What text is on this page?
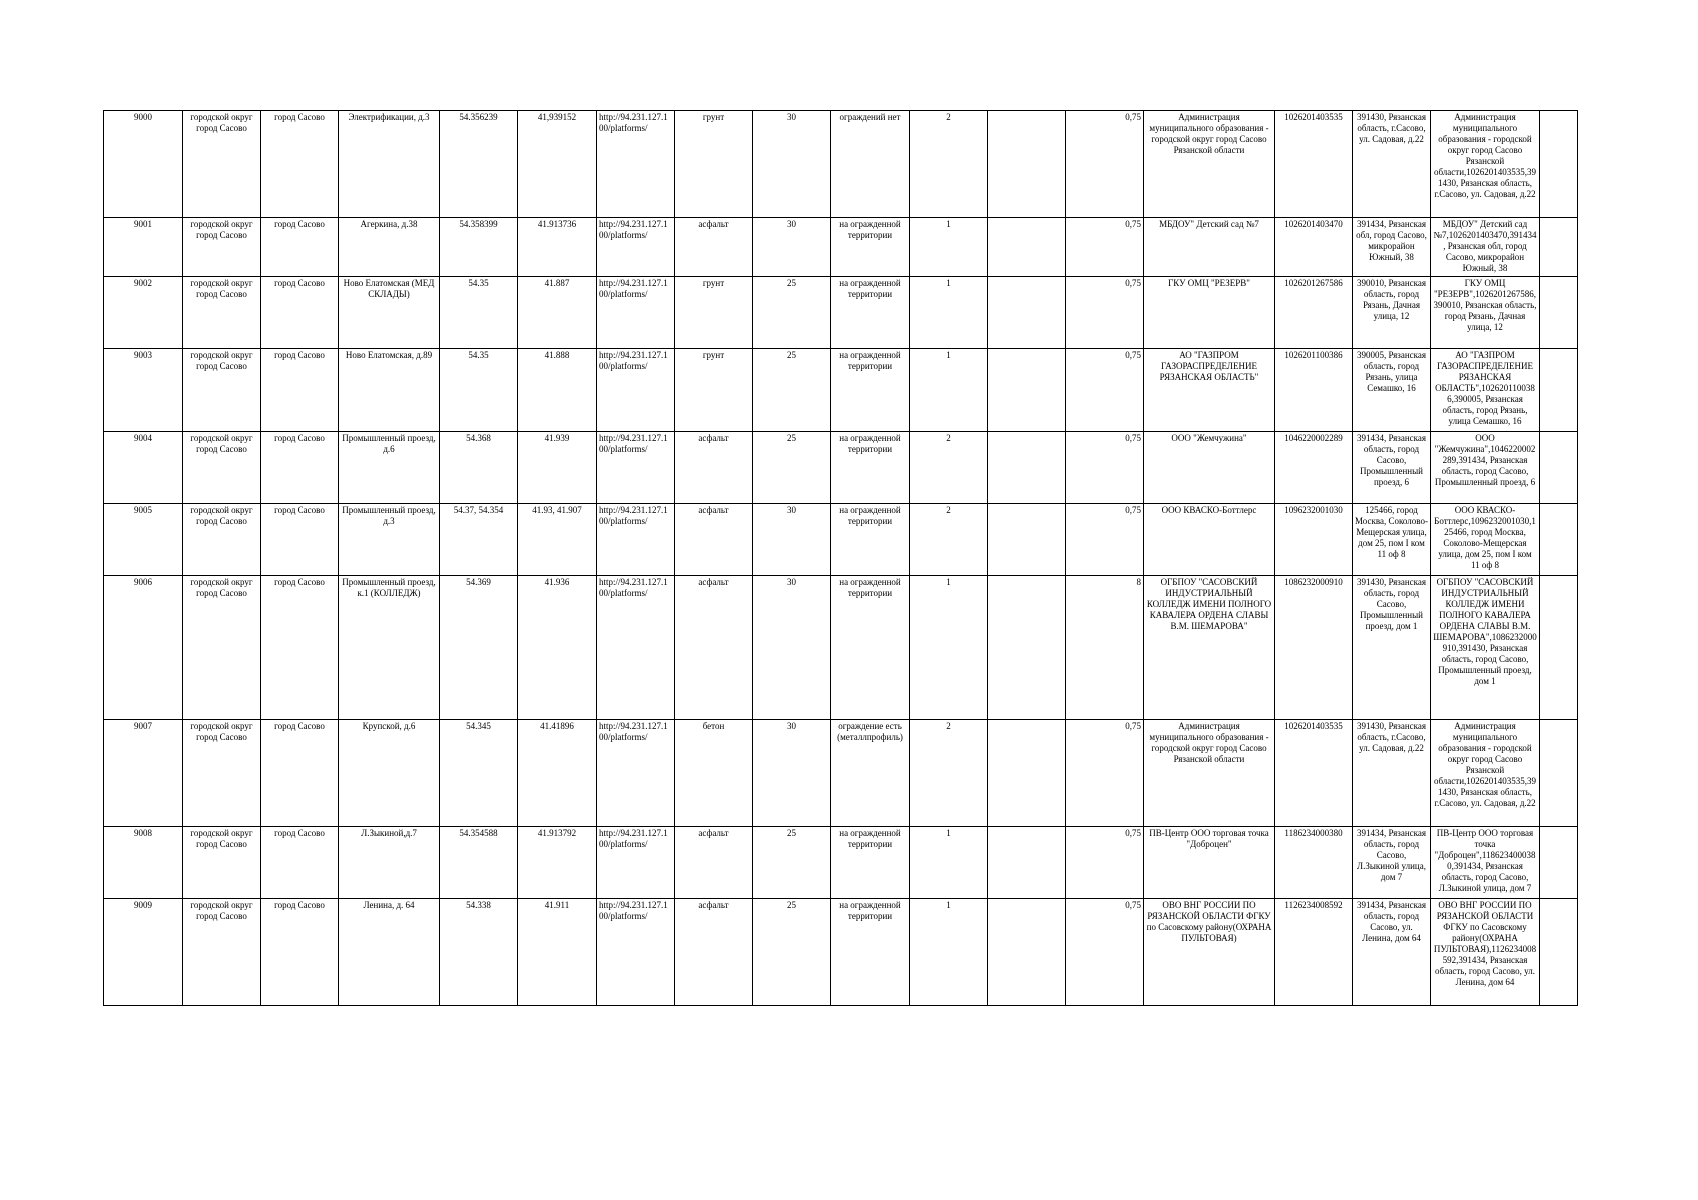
9000	городской округ город Сасово	город Сасово	Электрификации, д.3	54.356239	41,939152	http://94.231.127.100/platforms/	грунт	30	ограждений нет	2		0,75	Администрация муниципального образования - городской округ город Сасово Рязанской области	1026201403535	391430, Рязанская область, г.Сасово, ул. Садовая, д.22	Администрация муниципального образования - городской округ город Сасово Рязанской области,1026201403535,391430, Рязанская область, г.Сасово, ул. Садовая, д.22	
9001	городской округ город Сасово	город Сасово	Агеркина, д.38	54.358399	41.913736	http://94.231.127.100/platforms/	асфальт	30	на огражденной территории	1		0,75	МБДОУ" Детский сад №7	1026201403470	391434, Рязанская обл, город Сасово, микрорайон Южный, 38	МБДОУ" Детский сад №7,1026201403470,391434, Рязанская обл, город Сасово, микрорайон Южный, 38	
9002	городской округ город Сасово	город Сасово	Ново Елатомская (МЕД СКЛАДЫ)	54.35	41.887	http://94.231.127.100/platforms/	грунт	25	на огражденной территории	1		0,75	ГКУ ОМЦ "РЕЗЕРВ"	1026201267586	390010, Рязанская область, город Рязань, Дачная улица, 12	ГКУ ОМЦ "РЕЗЕРВ",1026201267586,390010, Рязанская область, город Рязань, Дачная улица, 12	
9003	городской округ город Сасово	город Сасово	Ново Елатомская, д.89	54.35	41.888	http://94.231.127.100/platforms/	грунт	25	на огражденной территории	1		0,75	АО "ГАЗПРОМ ГАЗОРАСПРЕДЕЛЕНИЕ РЯЗАНСКАЯ ОБЛАСТЬ"	1026201100386	390005, Рязанская область, город Рязань, улица Семашко, 16	АО "ГАЗПРОМ ГАЗОРАСПРЕДЕЛЕНИЕ РЯЗАНСКАЯ ОБЛАСТЬ",1026201100386,390005, Рязанская область, город Рязань, улица Семашко, 16	
9004	городской округ город Сасово	город Сасово	Промышленный проезд, д.6	54.368	41.939	http://94.231.127.100/platforms/	асфальт	25	на огражденной территории	2		0,75	ООО "Жемчужина"	1046220002289	391434, Рязанская область, город Сасово, Промышленный проезд, 6	ООО "Жемчужина",1046220002289,391434, Рязанская область, город Сасово, Промышленный проезд, 6	
9005	городской округ город Сасово	город Сасово	Промышленный проезд, д.3	54.37, 54.354	41.93, 41.907	http://94.231.127.100/platforms/	асфальт	30	на огражденной территории	2		0,75	ООО КВАСКО-Боттлерс	1096232001030	125466, город Москва, Соколово-Мещерская улица, дом 25, пом I ком 11 оф 8	ООО КВАСКО-Боттлерс,1096232001030,125466, город Москва, Соколово-Мещерская улица, дом 25, пом I ком 11 оф 8	
9006	городской округ город Сасово	город Сасово	Промышленный проезд, к.1 (КОЛЛЕДЖ)	54.369	41.936	http://94.231.127.100/platforms/	асфальт	30	на огражденной территории	1		8	ОГБПОУ "САСОВСКИЙ ИНДУСТРИАЛЬНЫЙ КОЛЛЕДЖ ИМЕНИ ПОЛНОГО КАВАЛЕРА ОРДЕНА СЛАВЫ В.М. ШЕМАРОВА"	1086232000910	391430, Рязанская область, город Сасово, Промышленный проезд, дом 1	ОГБПОУ "САСОВСКИЙ ИНДУСТРИАЛЬНЫЙ КОЛЛЕДЖ ИМЕНИ ПОЛНОГО КАВАЛЕРА ОРДЕНА СЛАВЫ В.М. ШЕМАРОВА",1086232000910,391430, Рязанская область, город Сасово, Промышленный проезд, дом 1	
9007	городской округ город Сасово	город Сасово	Крупской, д.6	54.345	41.41896	http://94.231.127.100/platforms/	бетон	30	ограждение есть (металлпрофиль)	2		0,75	Администрация муниципального образования - городской округ город Сасово Рязанской области	1026201403535	391430, Рязанская область, г.Сасово, ул. Садовая, д.22	Администрация муниципального образования - городской округ город Сасово Рязанской области,1026201403535,391430, Рязанская область, г.Сасово, ул. Садовая, д.22	
9008	городской округ город Сасово	город Сасово	Л.Зыкиной,д.7	54.354588	41.913792	http://94.231.127.100/platforms/	асфальт	25	на огражденной территории	1		0,75	ПВ-Центр ООО торговая точка "Доброцен"	1186234000380	391434, Рязанская область, город Сасово, Л.Зыкиной улица, дом 7	ПВ-Центр ООО торговая точка "Доброцен",1186234000380,391434, Рязанская область, город Сасово, Л.Зыкиной улица, дом 7	
9009	городской округ город Сасово	город Сасово	Ленина, д. 64	54.338	41.911	http://94.231.127.100/platforms/	асфальт	25	на огражденной территории	1		0,75	ОВО ВНГ РОССИИ ПО РЯЗАНСКОЙ ОБЛАСТИ ФГКУ по Сасовскому району(ОХРАНА ПУЛЬТОВАЯ)	1126234008592	391434, Рязанская область, город Сасово, ул. Ленина, дом 64	ОВО ВНГ РОССИИ ПО РЯЗАНСКОЙ ОБЛАСТИ ФГКУ по Сасовскому району(ОХРАНА ПУЛЬТОВАЯ),1126234008592,391434, Рязанская область, город Сасово, ул. Ленина, дом 64	
